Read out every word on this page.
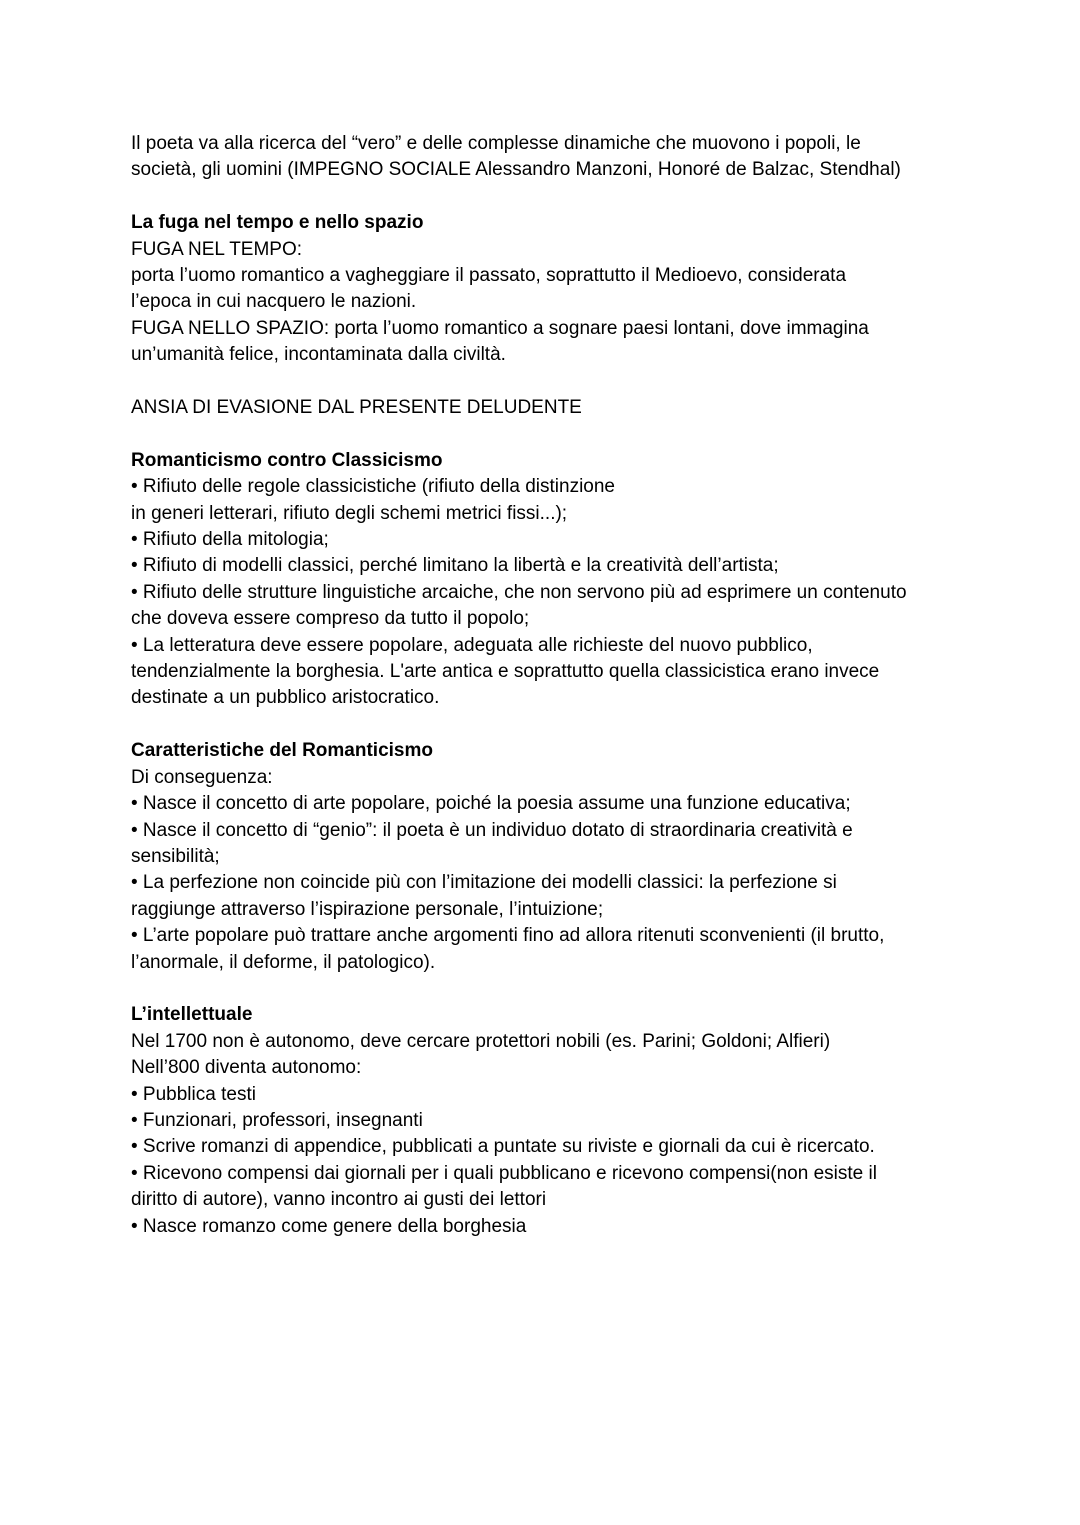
Il poeta va alla ricerca del “vero” e delle complesse dinamiche che muovono i popoli, le
società, gli uomini (IMPEGNO SOCIALE Alessandro Manzoni, Honoré de Balzac, Stendhal)
La fuga nel tempo e nello spazio
FUGA NEL TEMPO:
porta l’uomo romantico a vagheggiare il passato, soprattutto il Medioevo, considerata
l’epoca in cui nacquero le nazioni.
FUGA NELLO SPAZIO: porta l’uomo romantico a sognare paesi lontani, dove immagina
un’umanità felice, incontaminata dalla civiltà.
ANSIA DI EVASIONE DAL PRESENTE DELUDENTE
Romanticismo contro Classicismo
• Rifiuto delle regole classicistiche (rifiuto della distinzione
in generi letterari, rifiuto degli schemi metrici fissi...);
• Rifiuto della mitologia;
• Rifiuto di modelli classici, perché limitano la libertà e la creatività dell’artista;
• Rifiuto delle strutture linguistiche arcaiche, che non servono più ad esprimere un contenuto
che doveva essere compreso da tutto il popolo;
• La letteratura deve essere popolare, adeguata alle richieste del nuovo pubblico,
tendenzialmente la borghesia. L'arte antica e soprattutto quella classicistica erano invece
destinate a un pubblico aristocratico.
Caratteristiche del Romanticismo
Di conseguenza:
• Nasce il concetto di arte popolare, poiché la poesia assume una funzione educativa;
• Nasce il concetto di “genio”: il poeta è un individuo dotato di straordinaria creatività e
sensibilità;
• La perfezione non coincide più con l’imitazione dei modelli classici: la perfezione si
raggiunge attraverso l’ispirazione personale, l’intuizione;
• L’arte popolare può trattare anche argomenti fino ad allora ritenuti sconvenienti (il brutto,
l’anormale, il deforme, il patologico).
L’intellettuale
Nel 1700 non è autonomo, deve cercare protettori nobili (es. Parini; Goldoni; Alfieri)
Nell’800 diventa autonomo:
• Pubblica testi
• Funzionari, professori, insegnanti
• Scrive romanzi di appendice, pubblicati a puntate su riviste e giornali da cui è ricercato.
• Ricevono compensi dai giornali per i quali pubblicano e ricevono compensi(non esiste il
diritto di autore), vanno incontro ai gusti dei lettori
• Nasce romanzo come genere della borghesia
